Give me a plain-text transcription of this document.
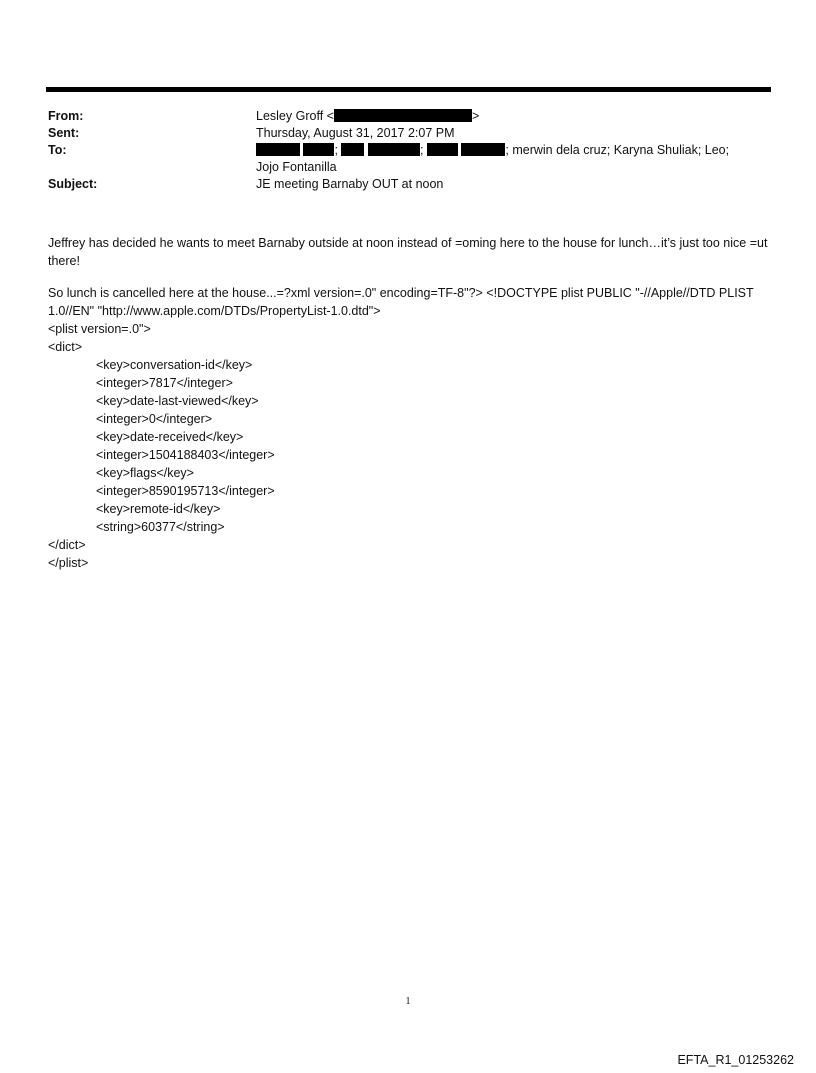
From:	Lesley Groff <	>
Sent:	Thursday, August 31, 2017 2:07 PM
To:	;	;	; merwin dela cruz; Karyna Shuliak; Leo;
Jojo Fontanilla
Subject:	JE meeting Barnaby OUT at noon

Jeffrey has decided he wants to meet Barnaby outside at noon instead of =oming here to the house for lunch…it’s just too nice =ut there!

So lunch is cancelled here at the house...=?xml version=.0" encoding=TF-8"?> <!DOCTYPE plist PUBLIC "-//Apple//DTD PLIST 1.0//EN" "http://www.apple.com/DTDs/PropertyList-1.0.dtd">
<plist version=.0">
<dict>
<key>conversation-id</key>
<integer>7817</integer>
<key>date-last-viewed</key>
<integer>0</integer>
<key>date-received</key>
<integer>1504188403</integer>
<key>flags</key>
<integer>8590195713</integer>
<key>remote-id</key>
<string>60377</string>
</dict>
</plist>
1
EFTA_R1_01253262
